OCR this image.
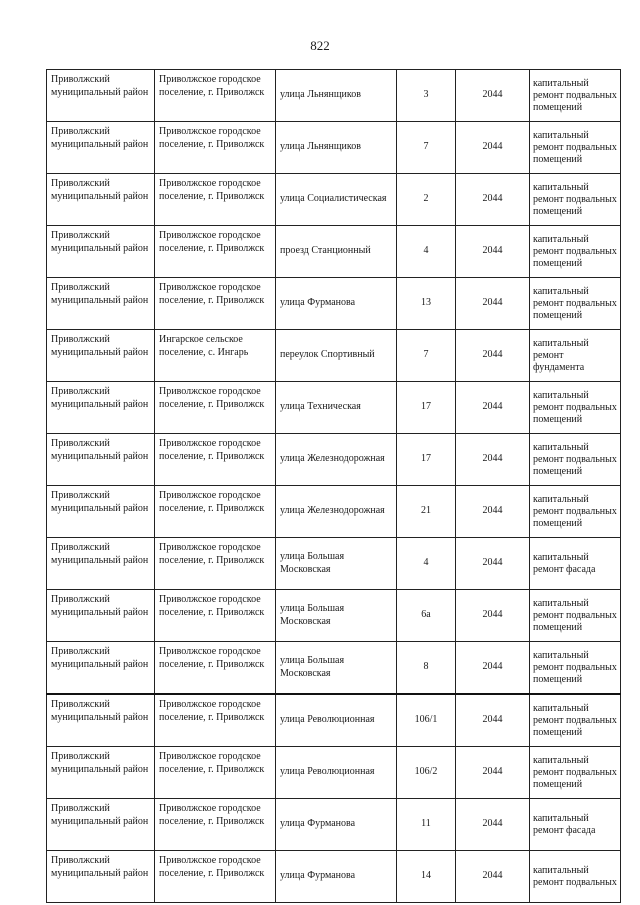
822
Приволжский муниципальный район	Приволжское городское поселение, г. Приволжск	улица Льнянщиков	3	2044	капитальный ремонт подвальных помещений
Приволжский муниципальный район	Приволжское городское поселение, г. Приволжск	улица Льнянщиков	7	2044	капитальный ремонт подвальных помещений
Приволжский муниципальный район	Приволжское городское поселение, г. Приволжск	улица Социалистическая	2	2044	капитальный ремонт подвальных помещений
Приволжский муниципальный район	Приволжское городское поселение, г. Приволжск	проезд Станционный	4	2044	капитальный ремонт подвальных помещений
Приволжский муниципальный район	Приволжское городское поселение, г. Приволжск	улица Фурманова	13	2044	капитальный ремонт подвальных помещений
Приволжский муниципальный район	Ингарское сельское поселение, с. Ингарь	переулок Спортивный	7	2044	капитальный ремонт фундамента
Приволжский муниципальный район	Приволжское городское поселение, г. Приволжск	улица Техническая	17	2044	капитальный ремонт подвальных помещений
Приволжский муниципальный район	Приволжское городское поселение, г. Приволжск	улица Железнодорожная	17	2044	капитальный ремонт подвальных помещений
Приволжский муниципальный район	Приволжское городское поселение, г. Приволжск	улица Железнодорожная	21	2044	капитальный ремонт подвальных помещений
Приволжский муниципальный район	Приволжское городское поселение, г. Приволжск	улица Большая Московская	4	2044	капитальный ремонт фасада
Приволжский муниципальный район	Приволжское городское поселение, г. Приволжск	улица Большая Московская	6а	2044	капитальный ремонт подвальных помещений
Приволжский муниципальный район	Приволжское городское поселение, г. Приволжск	улица Большая Московская	8	2044	капитальный ремонт подвальных помещений
Приволжский муниципальный район	Приволжское городское поселение, г. Приволжск	улица Революционная	106/1	2044	капитальный ремонт подвальных помещений
Приволжский муниципальный район	Приволжское городское поселение, г. Приволжск	улица Революционная	106/2	2044	капитальный ремонт подвальных помещений
Приволжский муниципальный район	Приволжское городское поселение, г. Приволжск	улица Фурманова	11	2044	капитальный ремонт фасада
Приволжский муниципальный район	Приволжское городское поселение, г. Приволжск	улица Фурманова	14	2044	капитальный ремонт подвальных
